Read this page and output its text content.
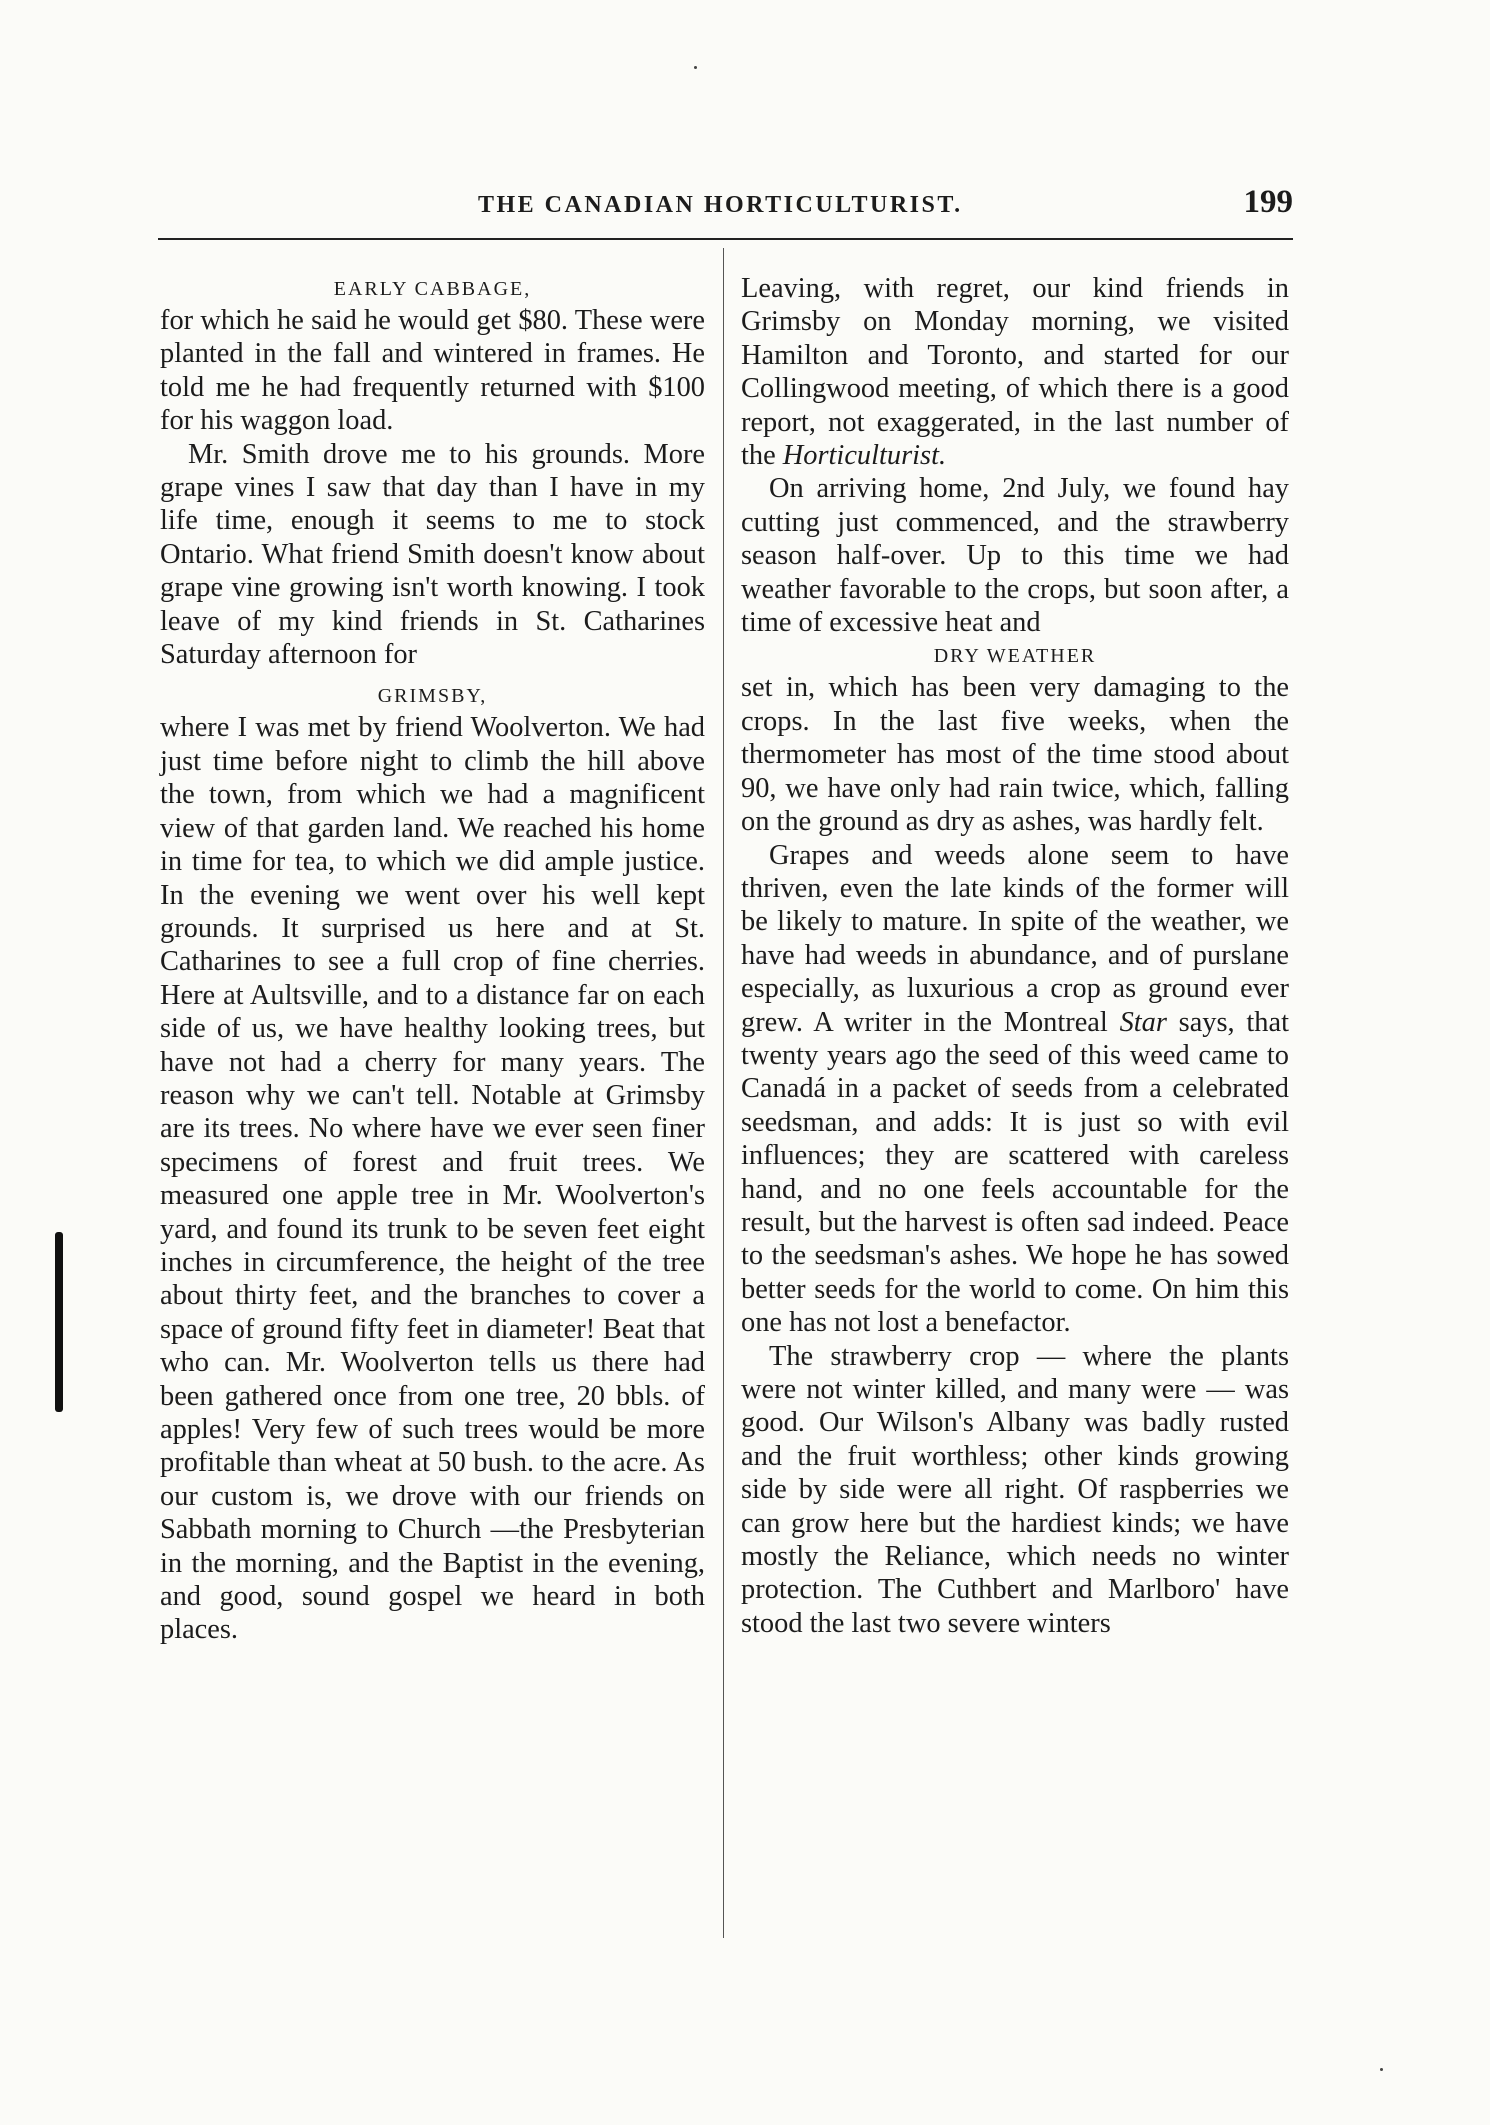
THE CANADIAN HORTICULTURIST.	199
EARLY CABBAGE,

for which he said he would get $80. These were planted in the fall and wintered in frames. He told me he had frequently returned with $100 for his waggon load.

Mr. Smith drove me to his grounds. More grape vines I saw that day than I have in my life time, enough it seems to me to stock Ontario. What friend Smith doesn't know about grape vine growing isn't worth knowing. I took leave of my kind friends in St. Catharines Saturday afternoon for

GRIMSBY,

where I was met by friend Woolverton. We had just time before night to climb the hill above the town, from which we had a magnificent view of that garden land. We reached his home in time for tea, to which we did ample justice. In the evening we went over his well kept grounds. It surprised us here and at St. Catharines to see a full crop of fine cherries. Here at Aultsville, and to a distance far on each side of us, we have healthy looking trees, but have not had a cherry for many years. The reason why we can't tell. Notable at Grimsby are its trees. No where have we ever seen finer specimens of forest and fruit trees. We measured one apple tree in Mr. Woolverton's yard, and found its trunk to be seven feet eight inches in circumference, the height of the tree about thirty feet, and the branches to cover a space of ground fifty feet in diameter! Beat that who can. Mr. Woolverton tells us there had been gathered once from one tree, 20 bbls. of apples! Very few of such trees would be more profitable than wheat at 50 bush. to the acre. As our custom is, we drove with our friends on Sabbath morning to Church —the Presbyterian in the morning, and the Baptist in the evening, and good, sound gospel we heard in both places.

Leaving, with regret, our kind friends in Grimsby on Monday morning, we visited Hamilton and Toronto, and started for our Collingwood meeting, of which there is a good report, not exaggerated, in the last number of the Horticulturist.

On arriving home, 2nd July, we found hay cutting just commenced, and the strawberry season half-over. Up to this time we had weather favorable to the crops, but soon after, a time of excessive heat and

DRY WEATHER

set in, which has been very damaging to the crops. In the last five weeks, when the thermometer has most of the time stood about 90, we have only had rain twice, which, falling on the ground as dry as ashes, was hardly felt.

Grapes and weeds alone seem to have thriven, even the late kinds of the former will be likely to mature. In spite of the weather, we have had weeds in abundance, and of purslane especially, as luxurious a crop as ground ever grew. A writer in the Montreal Star says, that twenty years ago the seed of this weed came to Canadá in a packet of seeds from a celebrated seedsman, and adds: It is just so with evil influences; they are scattered with careless hand, and no one feels accountable for the result, but the harvest is often sad indeed. Peace to the seedsman's ashes. We hope he has sowed better seeds for the world to come. On him this one has not lost a benefactor.

The strawberry crop — where the plants were not winter killed, and many were — was good. Our Wilson's Albany was badly rusted and the fruit worthless; other kinds growing side by side were all right. Of raspberries we can grow here but the hardiest kinds; we have mostly the Reliance, which needs no winter protection. The Cuthbert and Marlboro' have stood the last two severe winters
